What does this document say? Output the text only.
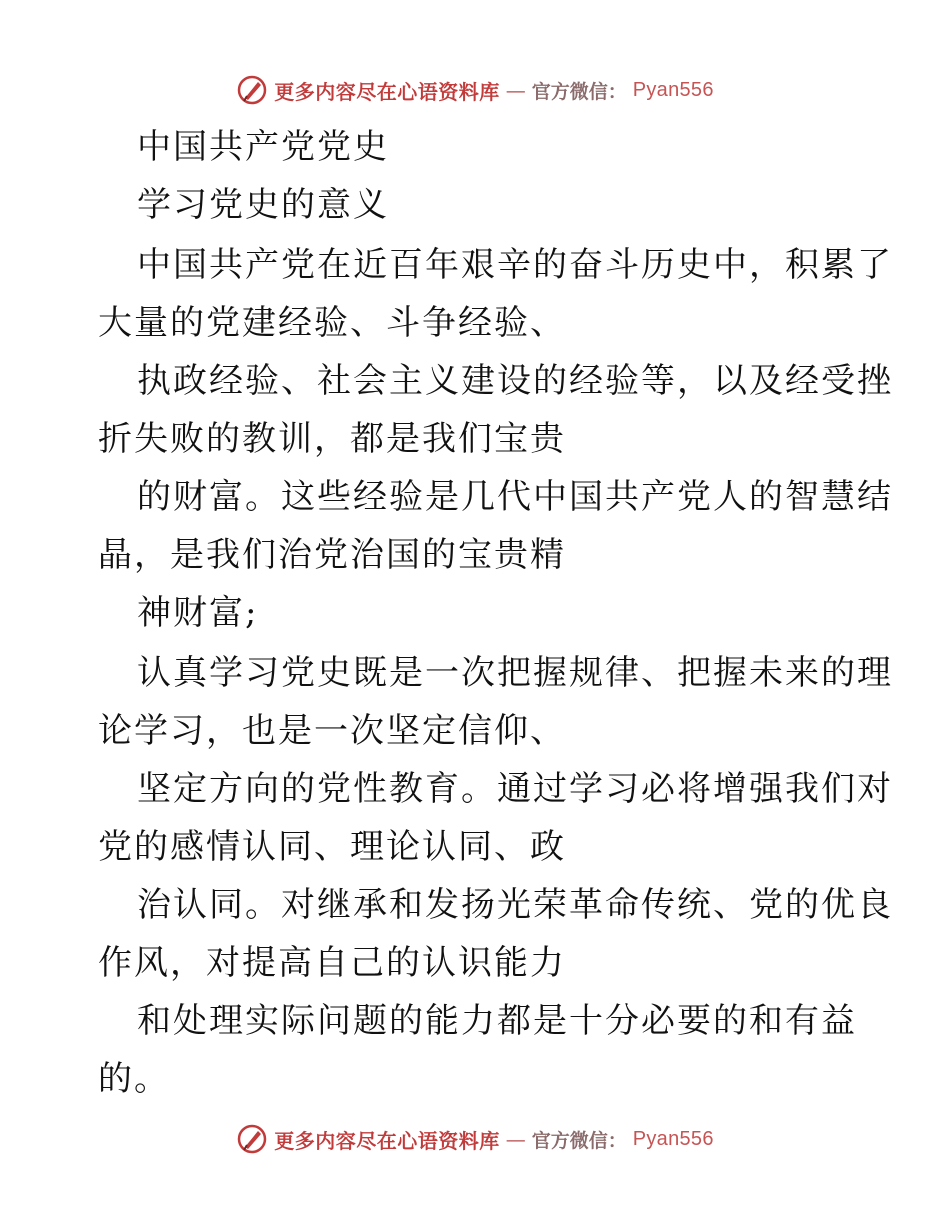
更多内容尽在心语资料库 — 官方微信： Pyan556
中国共产党党史
学习党史的意义
中国共产党在近百年艰辛的奋斗历史中，积累了
大量的党建经验、斗争经验、
执政经验、社会主义建设的经验等，以及经受挫
折失败的教训，都是我们宝贵
的财富。这些经验是几代中国共产党人的智慧结
晶，是我们治党治国的宝贵精
神财富;
认真学习党史既是一次把握规律、把握未来的理
论学习，也是一次坚定信仰、
坚定方向的党性教育。通过学习必将增强我们对
党的感情认同、理论认同、政
治认同。对继承和发扬光荣革命传统、党的优良
作风，对提高自己的认识能力
和处理实际问题的能力都是十分必要的和有益
的。
更多内容尽在心语资料库 — 官方微信： Pyan556
